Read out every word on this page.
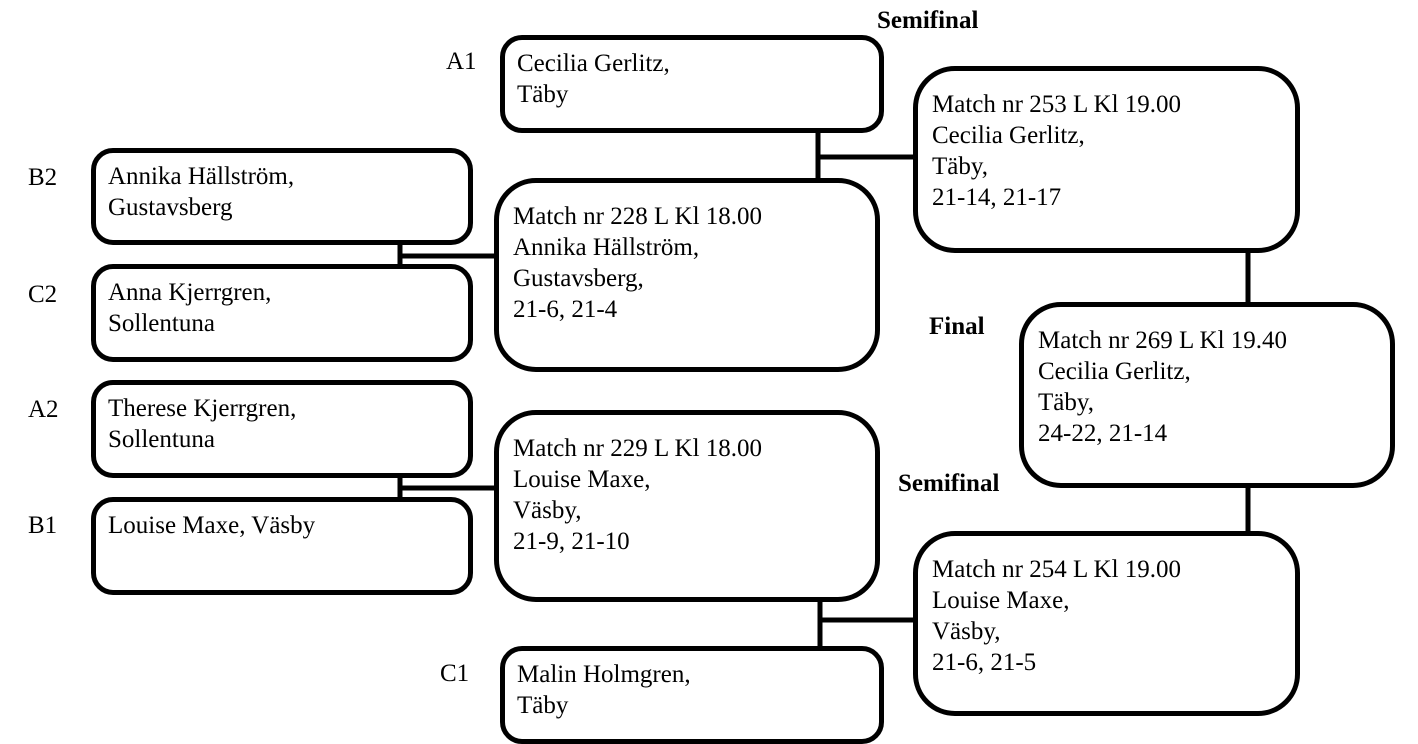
Semifinal
Final
Semifinal
A1
B2
C2
A2
B1
C1
Cecilia Gerlitz,
Täby
Annika Hällström,
Gustavsberg
Anna Kjerrgren,
Sollentuna
Therese Kjerrgren,
Sollentuna
Louise Maxe, Väsby
Malin Holmgren,
Täby
Match nr 228 L Kl 18.00
Annika Hällström,
Gustavsberg,
21-6, 21-4
Match nr 229 L Kl 18.00
Louise Maxe,
Väsby,
21-9, 21-10
Match nr 253 L Kl 19.00
Cecilia Gerlitz,
Täby,
21-14, 21-17
Match nr 269 L Kl 19.40
Cecilia Gerlitz,
Täby,
24-22, 21-14
Match nr 254 L Kl 19.00
Louise Maxe,
Väsby,
21-6, 21-5
